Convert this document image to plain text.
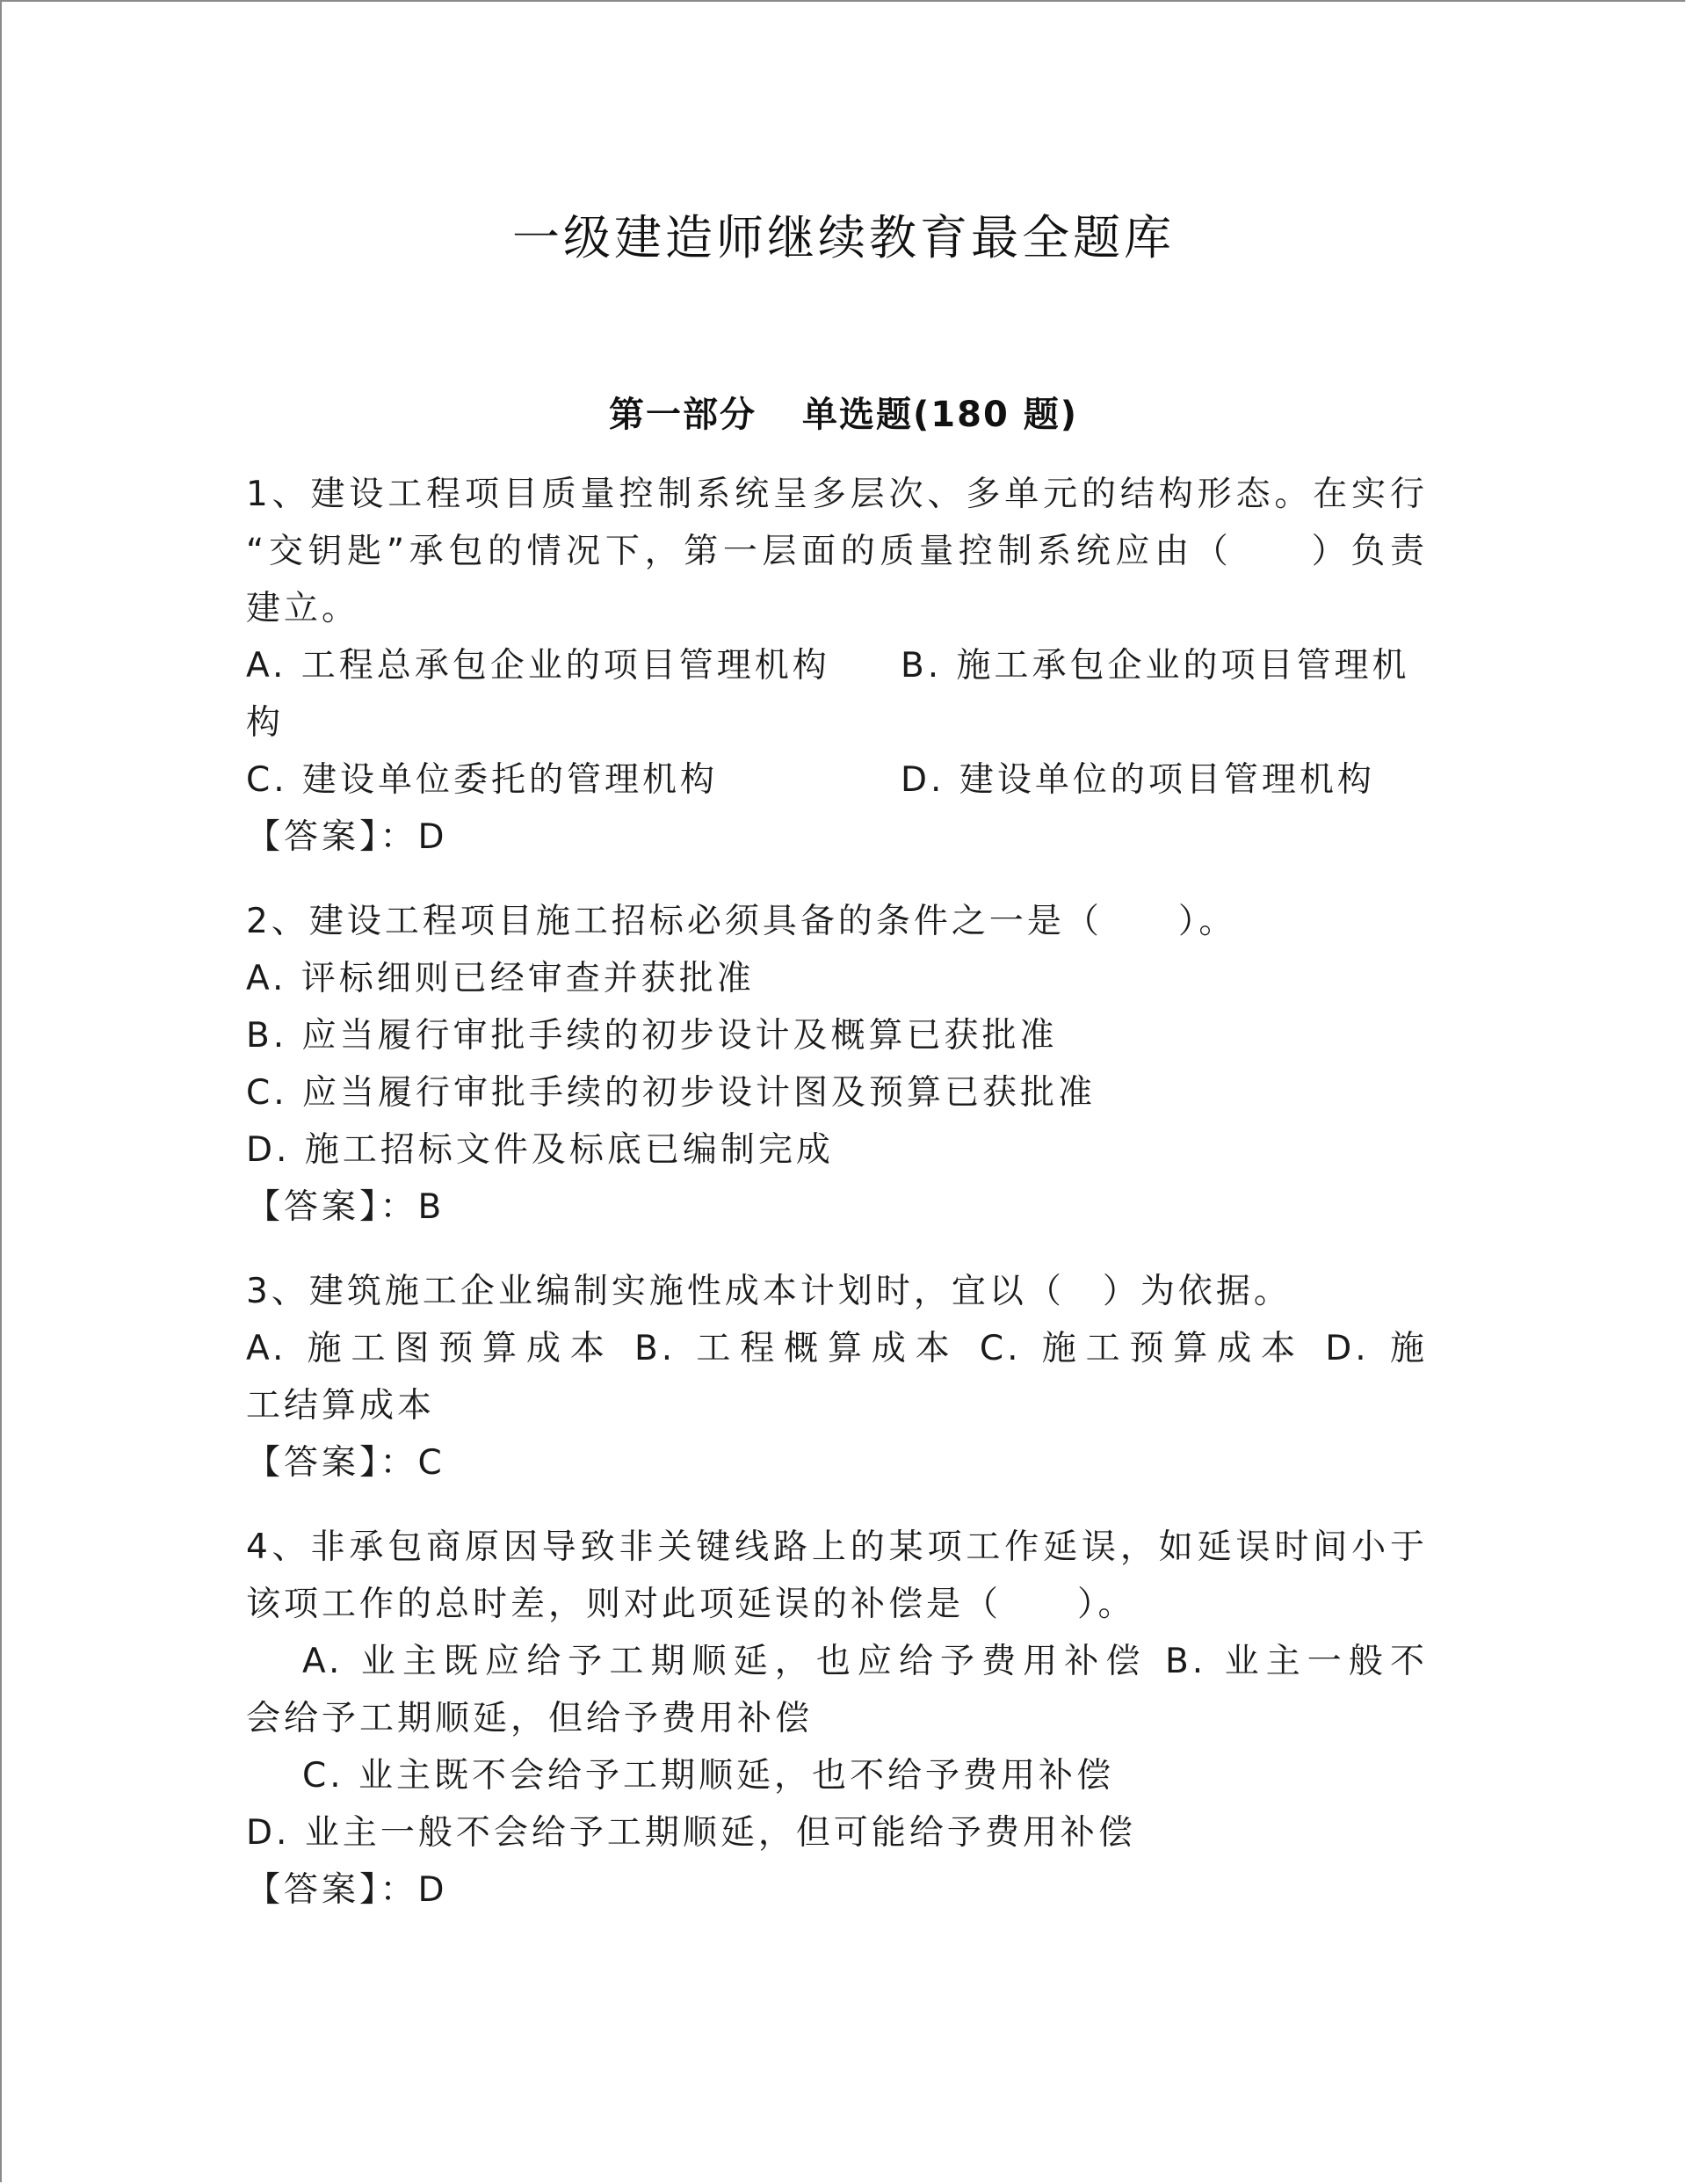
一级建造师继续教育最全题库
第一部分 单选题(180 题)
1、建设工程项目质量控制系统呈多层次、多单元的结构形态。在实行
“交钥匙”承包的情况下，第一层面的质量控制系统应由（　　）负责
建立。
A. 工程总承包企业的项目管理机构	B. 施工承包企业的项目管理机
构
C. 建设单位委托的管理机构	D. 建设单位的项目管理机构
【答案】：D
2、建设工程项目施工招标必须具备的条件之一是（　　）。
A. 评标细则已经审查并获批准
B. 应当履行审批手续的初步设计及概算已获批准
C. 应当履行审批手续的初步设计图及预算已获批准
D. 施工招标文件及标底已编制完成
【答案】：B
3、建筑施工企业编制实施性成本计划时，宜以（　）为依据。
A. 施工图预算成本 B. 工程概算成本 C. 施工预算成本 D. 施
工结算成本
【答案】：C
4、非承包商原因导致非关键线路上的某项工作延误，如延误时间小于
该项工作的总时差，则对此项延误的补偿是（　　）。
A. 业主既应给予工期顺延，也应给予费用补偿 B. 业主一般不
会给予工期顺延，但给予费用补偿
C. 业主既不会给予工期顺延，也不给予费用补偿
D. 业主一般不会给予工期顺延，但可能给予费用补偿
【答案】：D
